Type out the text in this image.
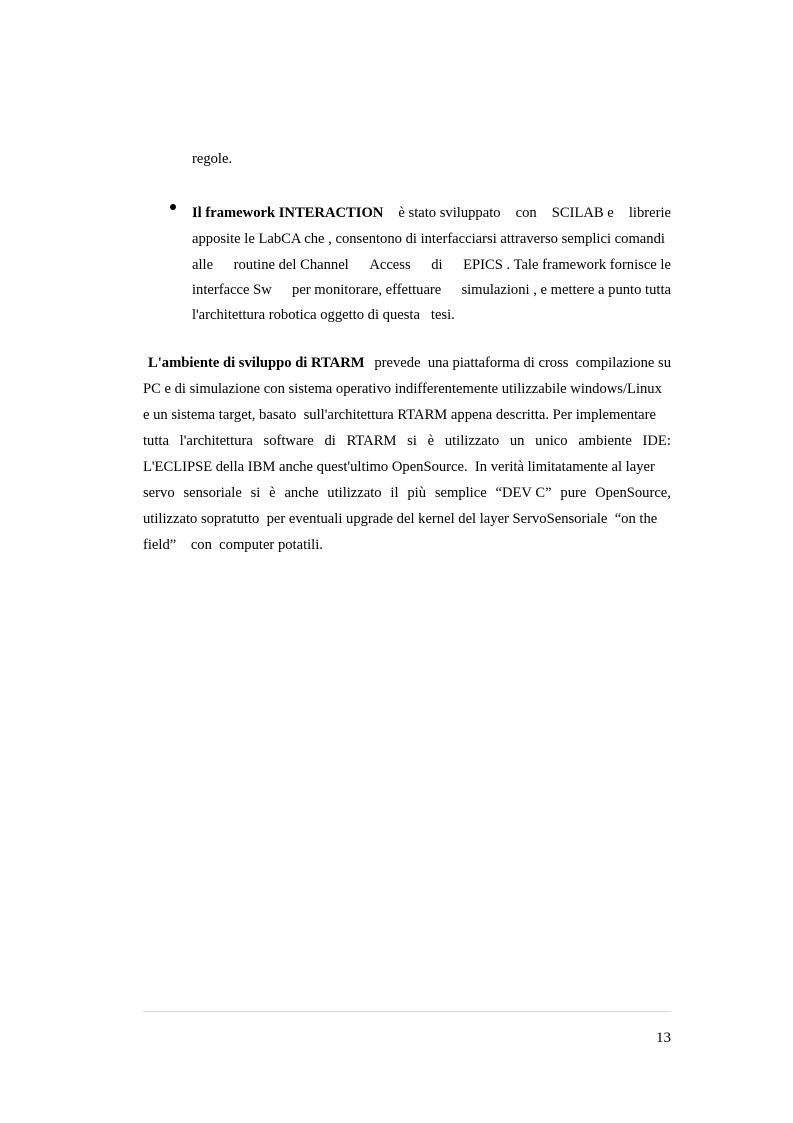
regole.
Il framework INTERACTION è stato sviluppato con SCILAB e librerie
apposite le LabCA che , consentono di interfacciarsi attraverso semplici comandi
alle routine del Channel Access di EPICS . Tale framework fornisce le
interfacce Sw per monitorare, effettuare simulazioni , e mettere a punto tutta
l'architettura robotica oggetto di questa   tesi.
L'ambiente di sviluppo di RTARM prevede  una piattaforma di cross  compilazione su
PC e di simulazione con sistema operativo indifferentemente utilizzabile windows/Linux
e un sistema target, basato  sull'architettura RTARM appena descritta. Per implementare
tutta l'architettura software di RTARM si è utilizzato un unico ambiente IDE:
L'ECLIPSE della IBM anche quest'ultimo OpenSource.  In verità limitatamente al layer
servo sensoriale si è anche utilizzato il più semplice “DEV C” pure OpenSource,
utilizzato sopratutto  per eventuali upgrade del kernel del layer ServoSensoriale  “on the
field”    con  computer potatili.
13
